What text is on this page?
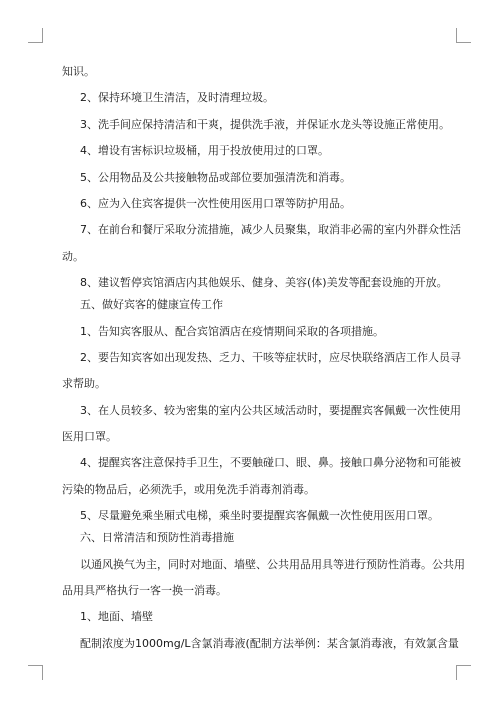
知识。
2、保持环境卫生清洁，及时清理垃圾。
3、洗手间应保持清洁和干爽，提供洗手液，并保证水龙头等设施正常使用。
4、增设有害标识垃圾桶，用于投放使用过的口罩。
5、公用物品及公共接触物品或部位要加强清洗和消毒。
6、应为入住宾客提供一次性使用医用口罩等防护用品。
7、在前台和餐厅采取分流措施，减少人员聚集，取消非必需的室内外群众性活
动。
8、建议暂停宾馆酒店内其他娱乐、健身、美容(体)美发等配套设施的开放。
五、做好宾客的健康宣传工作
1、告知宾客服从、配合宾馆酒店在疫情期间采取的各项措施。
2、要告知宾客如出现发热、乏力、干咳等症状时，应尽快联络酒店工作人员寻
求帮助。
3、在人员较多、较为密集的室内公共区域活动时，要提醒宾客佩戴一次性使用
医用口罩。
4、提醒宾客注意保持手卫生，不要触碰口、眼、鼻。接触口鼻分泌物和可能被
污染的物品后，必须洗手，或用免洗手消毒剂消毒。
5、尽量避免乘坐厢式电梯，乘坐时要提醒宾客佩戴一次性使用医用口罩。
六、日常清洁和预防性消毒措施
以通风换气为主，同时对地面、墙壁、公共用品用具等进行预防性消毒。公共用
品用具严格执行一客一换一消毒。
1、地面、墙壁
配制浓度为1000mg/L含氯消毒液(配制方法举例：某含氯消毒液，有效氯含量
